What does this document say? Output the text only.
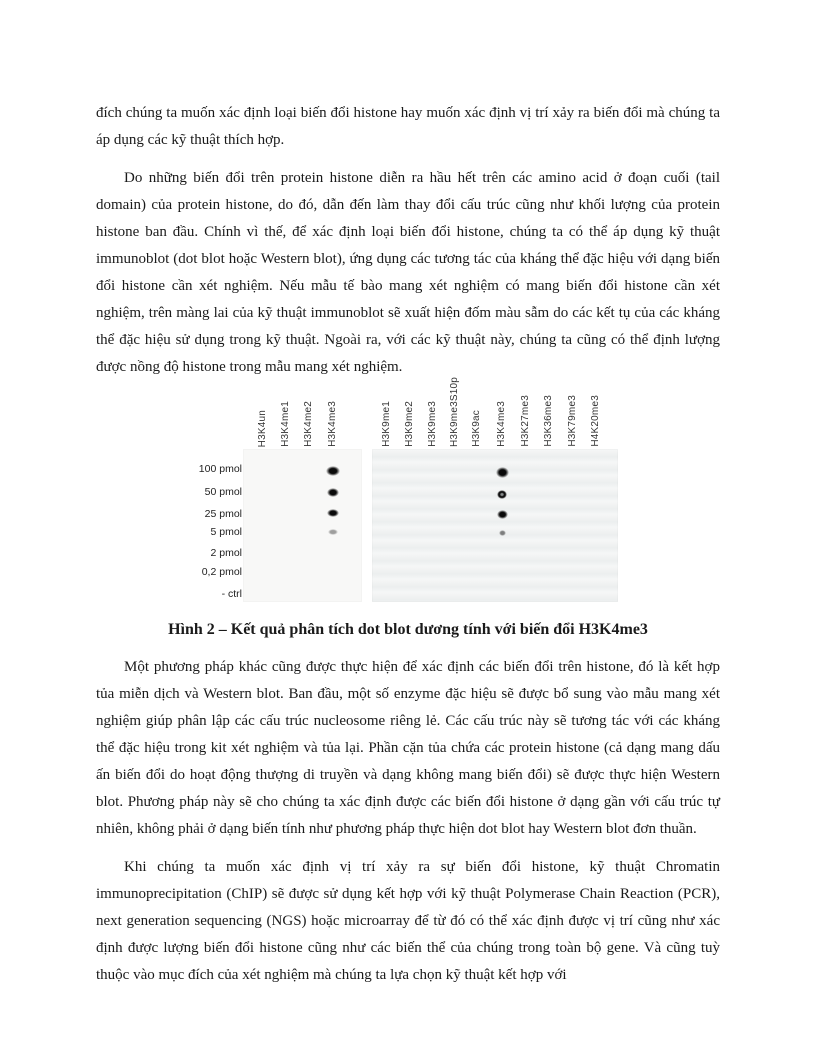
đích chúng ta muốn xác định loại biến đổi histone hay muốn xác định vị trí xảy ra biến đổi mà chúng ta áp dụng các kỹ thuật thích hợp.

Do những biến đổi trên protein histone diễn ra hầu hết trên các amino acid ở đoạn cuối (tail domain) của protein histone, do đó, dẫn đến làm thay đổi cấu trúc cũng như khối lượng của protein histone ban đầu. Chính vì thế, để xác định loại biến đổi histone, chúng ta có thể áp dụng kỹ thuật immunoblot (dot blot hoặc Western blot), ứng dụng các tương tác của kháng thể đặc hiệu với dạng biến đổi histone cần xét nghiệm. Nếu mẫu tế bào mang xét nghiệm có mang biến đổi histone cần xét nghiệm, trên màng lai của kỹ thuật immunoblot sẽ xuất hiện đốm màu sẫm do các kết tụ của các kháng thể đặc hiệu sử dụng trong kỹ thuật. Ngoài ra, với các kỹ thuật này, chúng ta cũng có thể định lượng được nồng độ histone trong mẫu mang xét nghiệm.

100 pmol
50 pmol
25 pmol
5 pmol
2 pmol
0,2 pmol
- ctrl
H3K4un H3K4me1 H3K4me2 H3K4me3	H3K9me1 H3K9me2 H3K9me3 H3K9me3S10p H3K9ac H3K4me3 H3K27me3 H3K36me3 H3K79me3 H4K20me3

Hình 2 – Kết quả phân tích dot blot dương tính với biến đổi H3K4me3

Một phương pháp khác cũng được thực hiện để xác định các biến đổi trên histone, đó là kết hợp tủa miễn dịch và Western blot. Ban đầu, một số enzyme đặc hiệu sẽ được bổ sung vào mẫu mang xét nghiệm giúp phân lập các cấu trúc nucleosome riêng lẻ. Các cấu trúc này sẽ tương tác với các kháng thể đặc hiệu trong kit xét nghiệm và tủa lại. Phần cặn tủa chứa các protein histone (cả dạng mang dấu ấn biến đổi do hoạt động thượng di truyền và dạng không mang biến đổi) sẽ được thực hiện Western blot. Phương pháp này sẽ cho chúng ta xác định được các biến đổi histone ở dạng gần với cấu trúc tự nhiên, không phải ở dạng biến tính như phương pháp thực hiện dot blot hay Western blot đơn thuần.

Khi chúng ta muốn xác định vị trí xảy ra sự biến đổi histone, kỹ thuật Chromatin immunoprecipitation (ChIP) sẽ được sử dụng kết hợp với kỹ thuật Polymerase Chain Reaction (PCR), next generation sequencing (NGS) hoặc microarray để từ đó có thể xác định được vị trí cũng như xác định được lượng biến đổi histone cũng như các biến thể của chúng trong toàn bộ gene. Và cũng tuỳ thuộc vào mục đích của xét nghiệm mà chúng ta lựa chọn kỹ thuật kết hợp với
